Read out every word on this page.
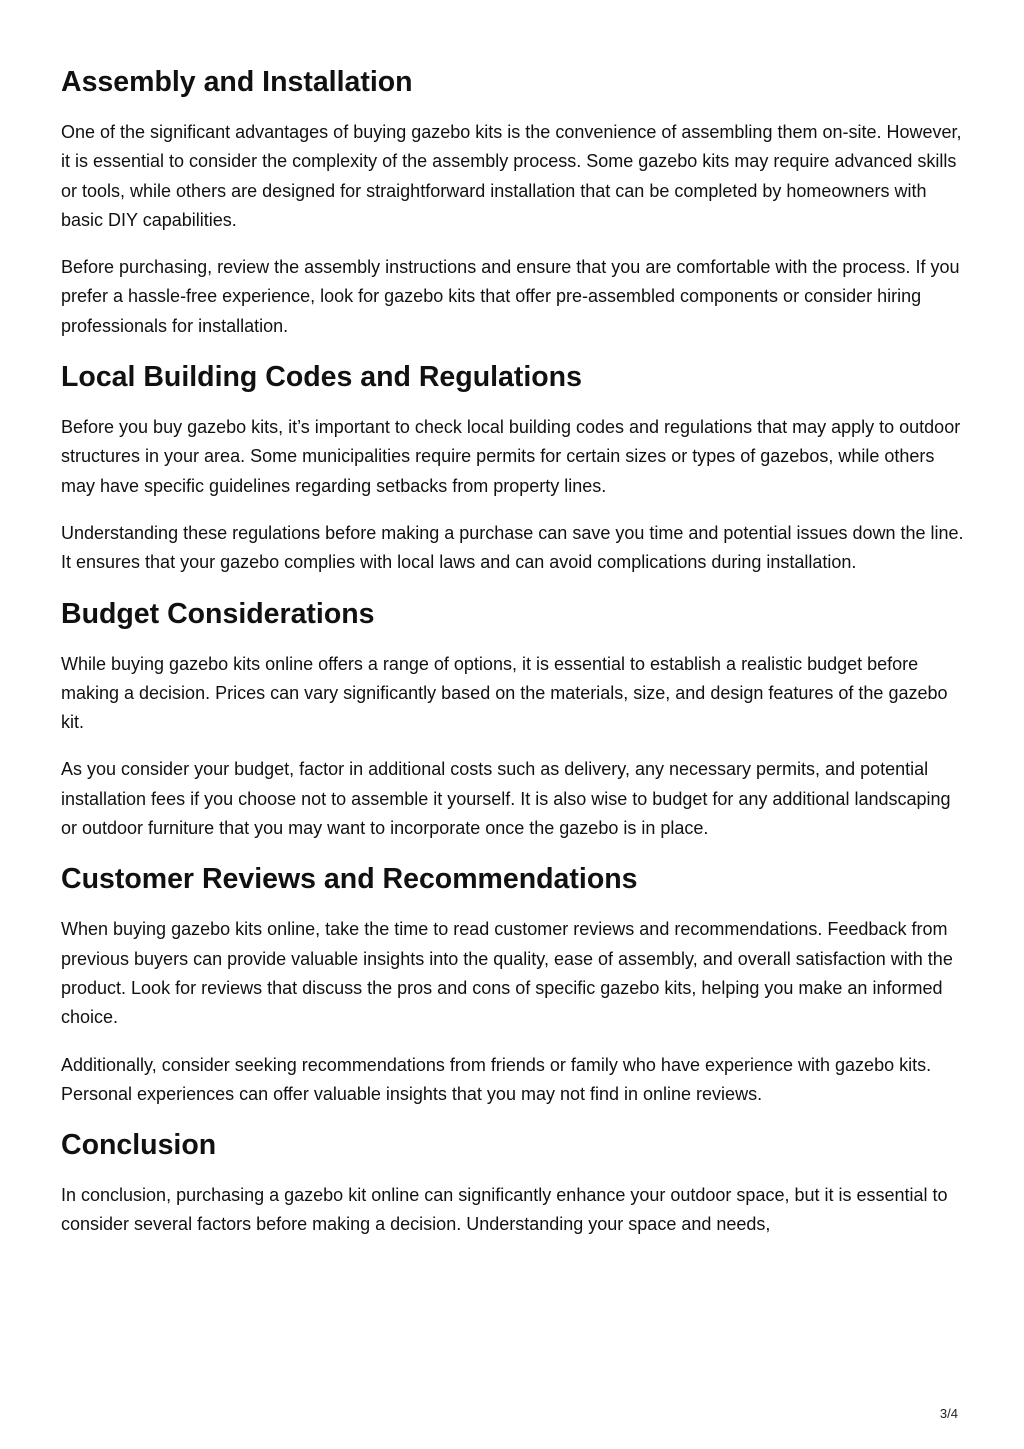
Assembly and Installation

One of the significant advantages of buying gazebo kits is the convenience of assembling them on-site. However, it is essential to consider the complexity of the assembly process. Some gazebo kits may require advanced skills or tools, while others are designed for straightforward installation that can be completed by homeowners with basic DIY capabilities.

Before purchasing, review the assembly instructions and ensure that you are comfortable with the process. If you prefer a hassle-free experience, look for gazebo kits that offer pre-assembled components or consider hiring professionals for installation.

Local Building Codes and Regulations

Before you buy gazebo kits, it’s important to check local building codes and regulations that may apply to outdoor structures in your area. Some municipalities require permits for certain sizes or types of gazebos, while others may have specific guidelines regarding setbacks from property lines.

Understanding these regulations before making a purchase can save you time and potential issues down the line. It ensures that your gazebo complies with local laws and can avoid complications during installation.

Budget Considerations

While buying gazebo kits online offers a range of options, it is essential to establish a realistic budget before making a decision. Prices can vary significantly based on the materials, size, and design features of the gazebo kit.

As you consider your budget, factor in additional costs such as delivery, any necessary permits, and potential installation fees if you choose not to assemble it yourself. It is also wise to budget for any additional landscaping or outdoor furniture that you may want to incorporate once the gazebo is in place.

Customer Reviews and Recommendations

When buying gazebo kits online, take the time to read customer reviews and recommendations. Feedback from previous buyers can provide valuable insights into the quality, ease of assembly, and overall satisfaction with the product. Look for reviews that discuss the pros and cons of specific gazebo kits, helping you make an informed choice.

Additionally, consider seeking recommendations from friends or family who have experience with gazebo kits. Personal experiences can offer valuable insights that you may not find in online reviews.

Conclusion

In conclusion, purchasing a gazebo kit online can significantly enhance your outdoor space, but it is essential to consider several factors before making a decision. Understanding your space and needs,

3/4
